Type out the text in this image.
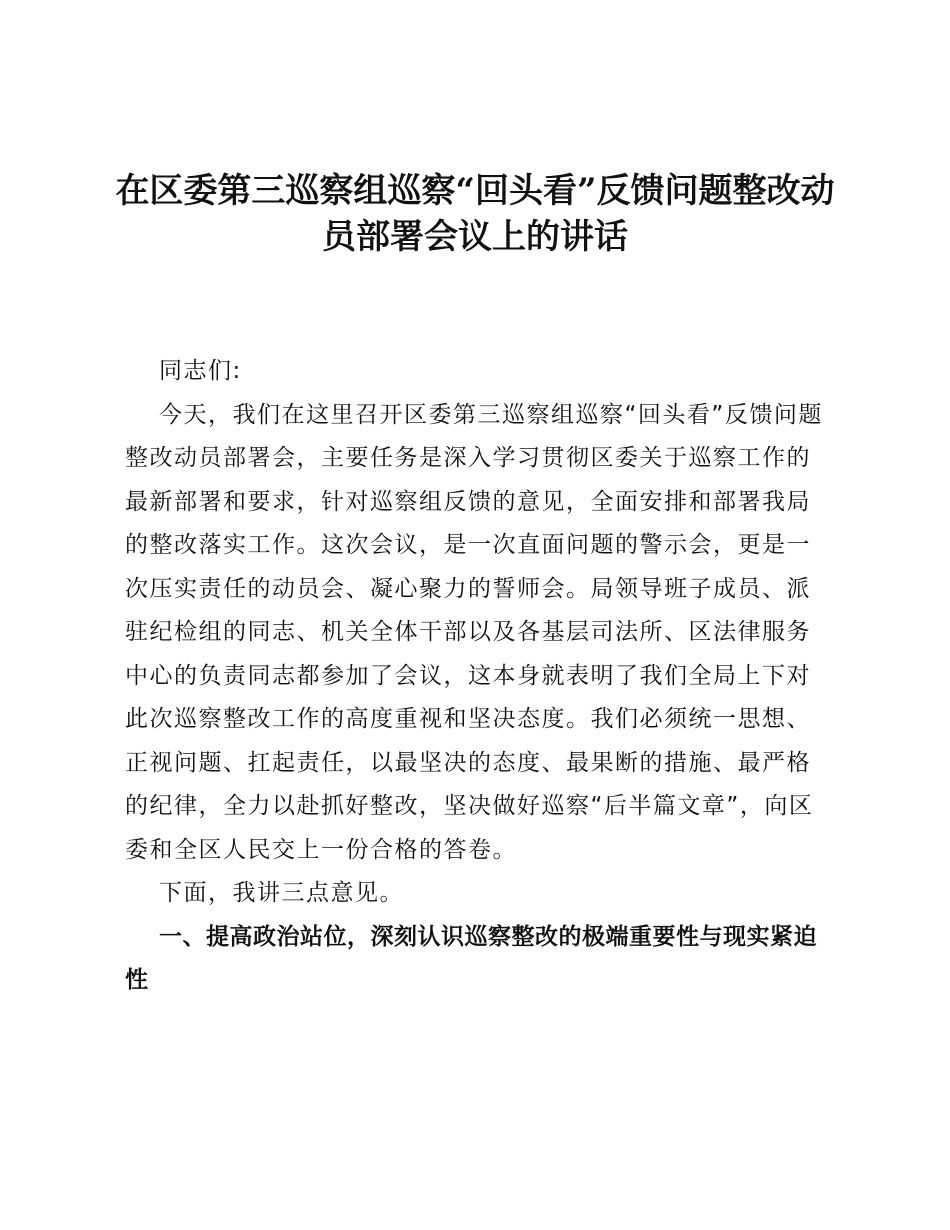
在区委第三巡察组巡察“回头看”反馈问题整改动员部署会议上的讲话

同志们:

今天，我们在这里召开区委第三巡察组巡察“回头看”反馈问题整改动员部署会，主要任务是深入学习贯彻区委关于巡察工作的最新部署和要求，针对巡察组反馈的意见，全面安排和部署我局的整改落实工作。这次会议，是一次直面问题的警示会，更是一次压实责任的动员会、凝心聚力的誓师会。局领导班子成员、派驻纪检组的同志、机关全体干部以及各基层司法所、区法律服务中心的负责同志都参加了会议，这本身就表明了我们全局上下对此次巡察整改工作的高度重视和坚决态度。我们必须统一思想、正视问题、扛起责任，以最坚决的态度、最果断的措施、最严格的纪律，全力以赴抓好整改，坚决做好巡察“后半篇文章”，向区委和全区人民交上一份合格的答卷。

下面，我讲三点意见。

一、提高政治站位，深刻认识巡察整改的极端重要性与现实紧迫性
